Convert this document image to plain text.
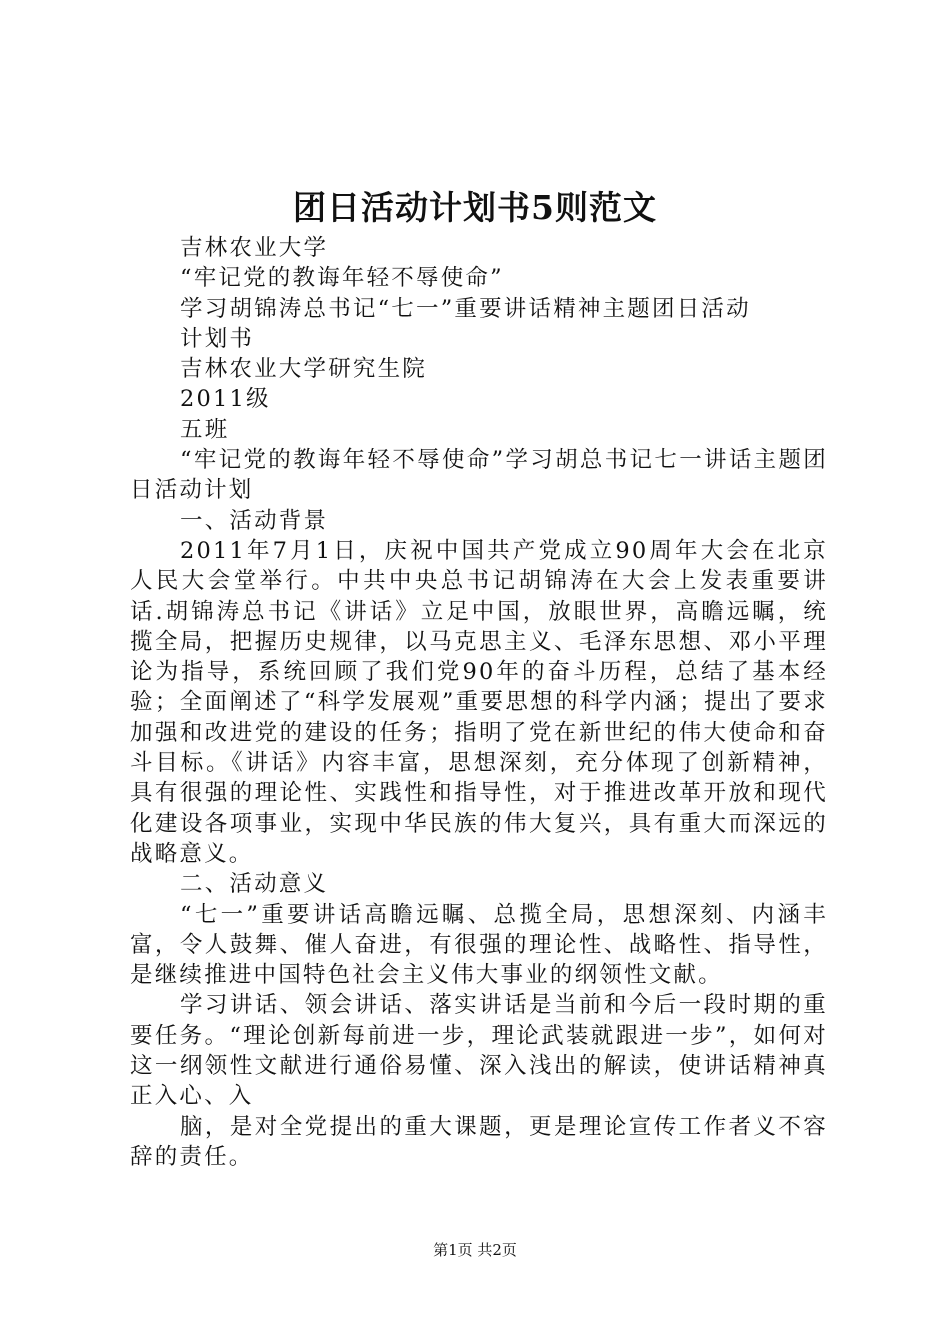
团日活动计划书5则范文
吉林农业大学
“牢记党的教诲年轻不辱使命”
学习胡锦涛总书记“七一”重要讲话精神主题团日活动
计划书
吉林农业大学研究生院
2011级
五班
“牢记党的教诲年轻不辱使命”学习胡总书记七一讲话主题团日活动计划
一、活动背景
2011年7月1日，庆祝中国共产党成立90周年大会在北京人民大会堂举行。中共中央总书记胡锦涛在大会上发表重要讲话.胡锦涛总书记《讲话》立足中国，放眼世界，高瞻远瞩，统揽全局，把握历史规律，以马克思主义、毛泽东思想、邓小平理论为指导，系统回顾了我们党90年的奋斗历程，总结了基本经验；全面阐述了“科学发展观”重要思想的科学内涵；提出了要求加强和改进党的建设的任务；指明了党在新世纪的伟大使命和奋斗目标。《讲话》内容丰富，思想深刻，充分体现了创新精神，具有很强的理论性、实践性和指导性，对于推进改革开放和现代化建设各项事业，实现中华民族的伟大复兴，具有重大而深远的战略意义。
二、活动意义
“七一”重要讲话高瞻远瞩、总揽全局，思想深刻、内涵丰富，令人鼓舞、催人奋进，有很强的理论性、战略性、指导性，是继续推进中国特色社会主义伟大事业的纲领性文献。
学习讲话、领会讲话、落实讲话是当前和今后一段时期的重要任务。“理论创新每前进一步，理论武装就跟进一步”，如何对这一纲领性文献进行通俗易懂、深入浅出的解读，使讲话精神真正入心、入
脑，是对全党提出的重大课题，更是理论宣传工作者义不容辞的责任。
第1页 共2页
